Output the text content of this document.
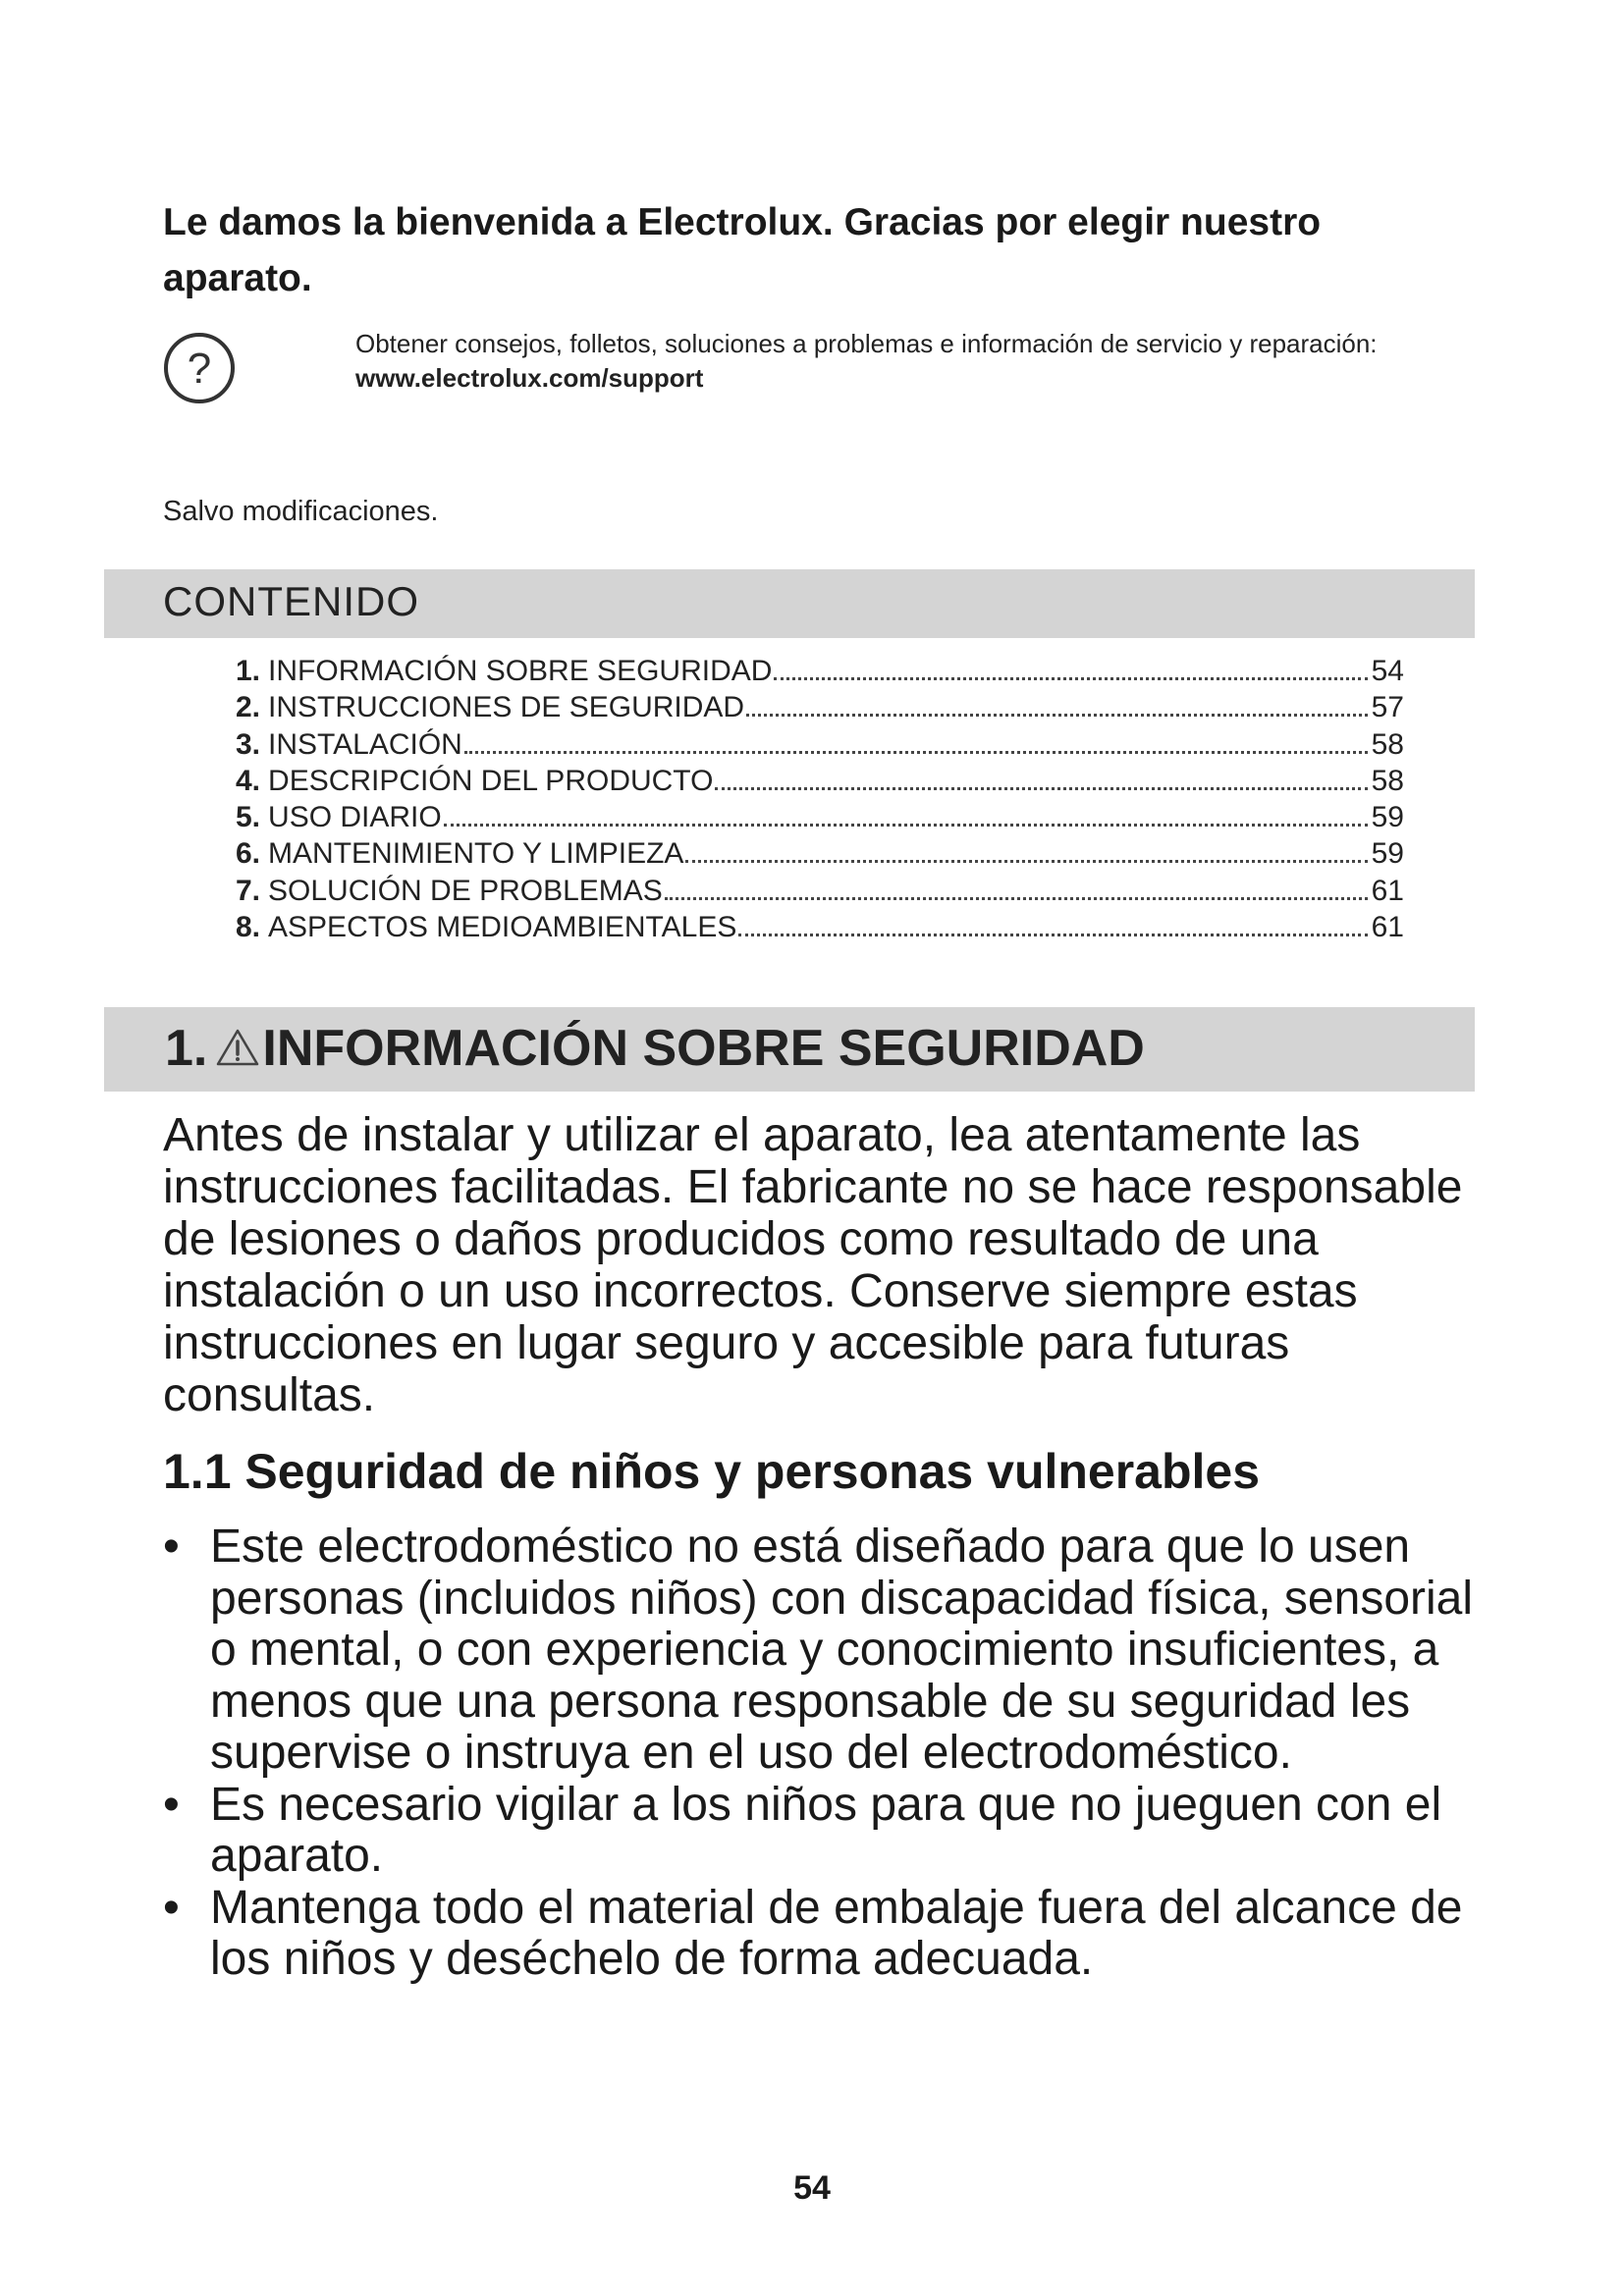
Le damos la bienvenida a Electrolux. Gracias por elegir nuestro aparato.
?
Obtener consejos, folletos, soluciones a problemas e información de servicio y reparación:
www.electrolux.com/support
Salvo modificaciones.
CONTENIDO
1. INFORMACIÓN SOBRE SEGURIDAD	54
2. INSTRUCCIONES DE SEGURIDAD	57
3. INSTALACIÓN	58
4. DESCRIPCIÓN DEL PRODUCTO	58
5. USO DIARIO	59
6. MANTENIMIENTO Y LIMPIEZA	59
7. SOLUCIÓN DE PROBLEMAS	61
8. ASPECTOS MEDIOAMBIENTALES	61
1. INFORMACIÓN SOBRE SEGURIDAD
Antes de instalar y utilizar el aparato, lea atentamente las instrucciones facilitadas. El fabricante no se hace responsable de lesiones o daños producidos como resultado de una instalación o un uso incorrectos. Conserve siempre estas instrucciones en lugar seguro y accesible para futuras consultas.
1.1 Seguridad de niños y personas vulnerables
• Este electrodoméstico no está diseñado para que lo usen personas (incluidos niños) con discapacidad física, sensorial o mental, o con experiencia y conocimiento insuficientes, a menos que una persona responsable de su seguridad les supervise o instruya en el uso del electrodoméstico.
• Es necesario vigilar a los niños para que no jueguen con el aparato.
• Mantenga todo el material de embalaje fuera del alcance de los niños y deséchelo de forma adecuada.
54
